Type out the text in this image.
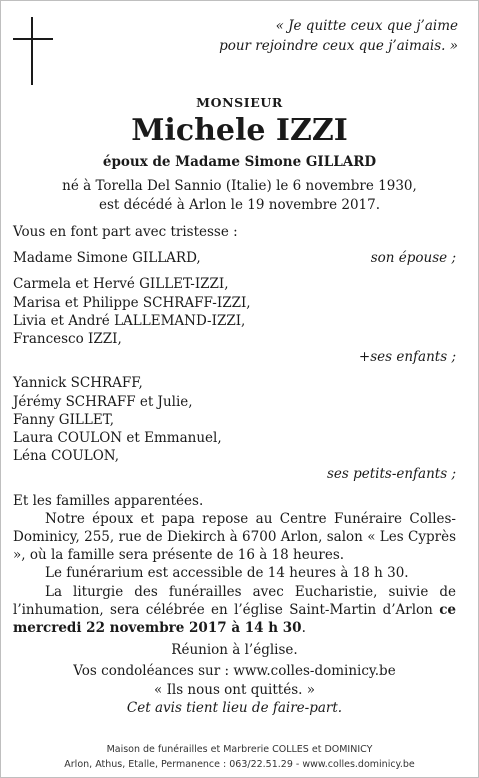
« Je quitte ceux que j’aime
pour rejoindre ceux que j’aimais. »
MONSIEUR
Michele IZZI
époux de Madame Simone GILLARD
né à Torella Del Sannio (Italie) le 6 novembre 1930,
est décédé à Arlon le 19 novembre 2017.
Vous en font part avec tristesse :
Madame Simone GILLARD,	son épouse ;
Carmela et Hervé GILLET-IZZI,
Marisa et Philippe SCHRAFF-IZZI,
Livia et André LALLEMAND-IZZI,
Francesco IZZI,
+ses enfants ;
Yannick SCHRAFF,
Jérémy SCHRAFF et Julie,
Fanny GILLET,
Laura COULON et Emmanuel,
Léna COULON,
ses petits-enfants ;
Et les familles apparentées.
Notre époux et papa repose au Centre Funéraire Colles-Dominicy, 255, rue de Diekirch à 6700 Arlon, salon « Les Cyprès », où la famille sera présente de 16 à 18 heures.
Le funérarium est accessible de 14 heures à 18 h 30.
La liturgie des funérailles avec Eucharistie, suivie de l’inhumation, sera célébrée en l’église Saint-Martin d’Arlon ce mercredi 22 novembre 2017 à 14 h 30.
Réunion à l’église.
Vos condoléances sur : www.colles-dominicy.be
« Ils nous ont quittés. »
Cet avis tient lieu de faire-part.
Maison de funérailles et Marbrerie COLLES et DOMINICY
Arlon, Athus, Etalle, Permanence : 063/22.51.29 - www.colles.dominicy.be
